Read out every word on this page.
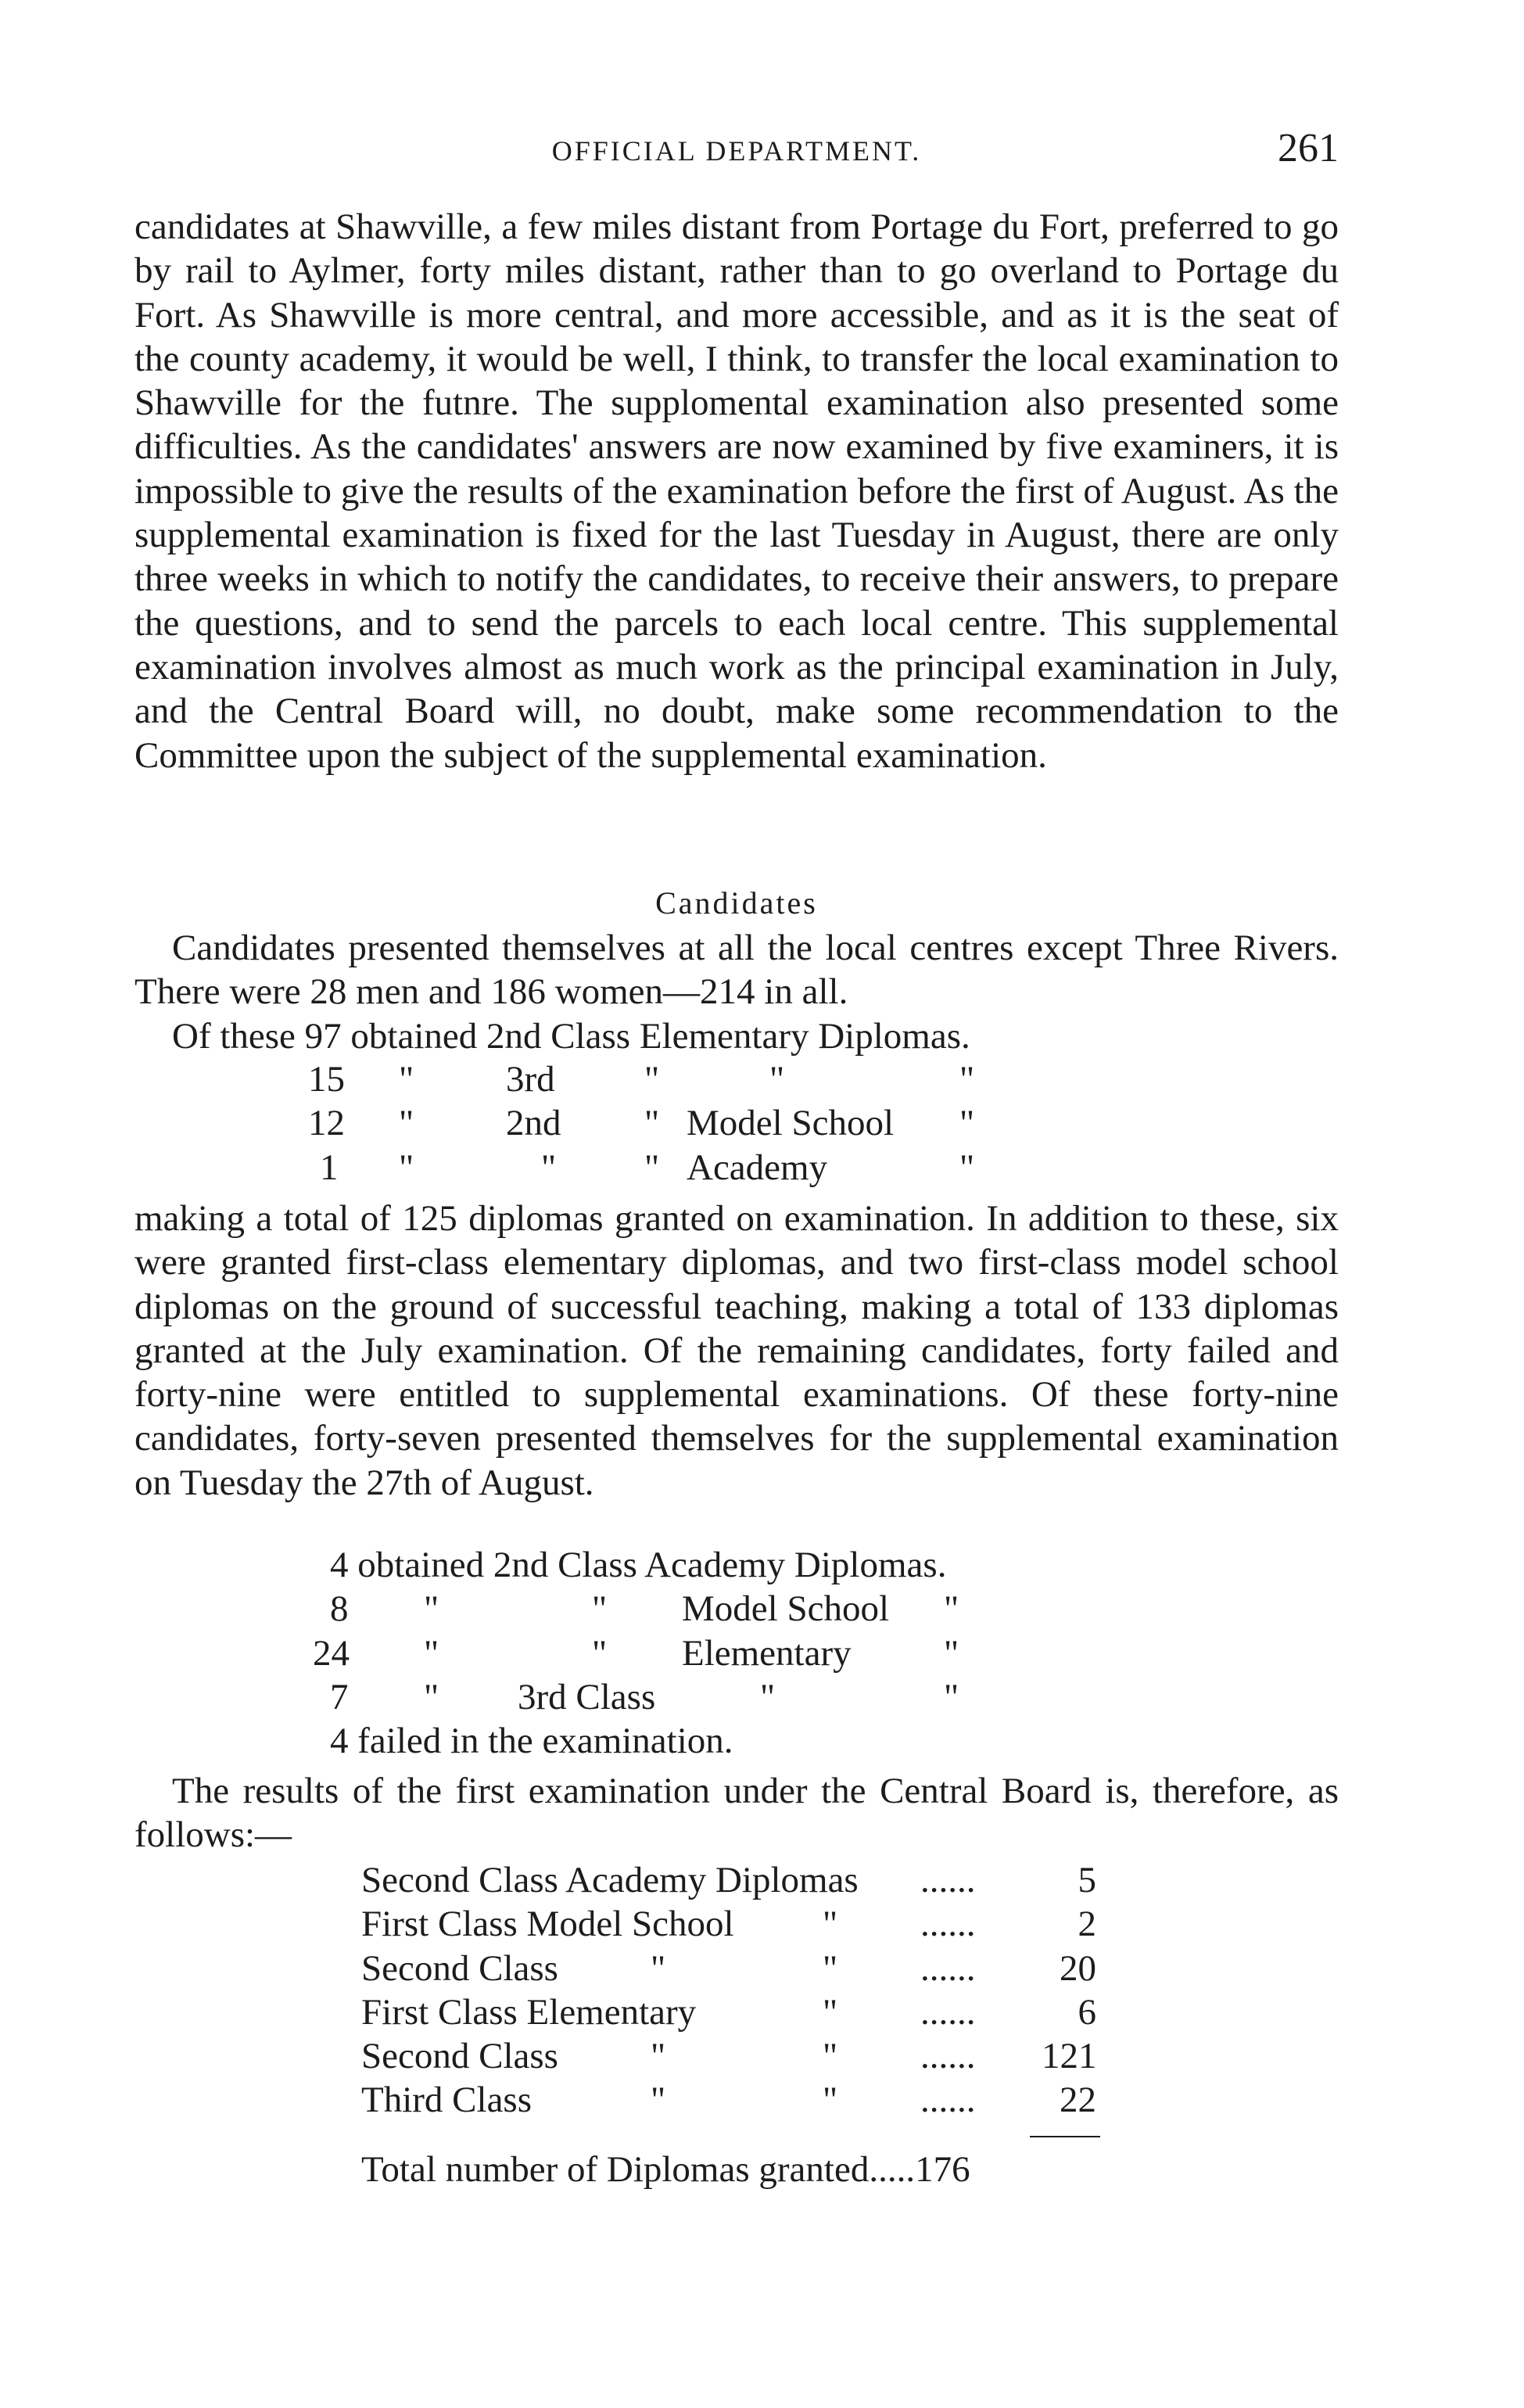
OFFICIAL DEPARTMENT.	261

candidates at Shawville, a few miles distant from Portage du Fort, preferred to go by rail to Aylmer, forty miles distant, rather than to go overland to Portage du Fort. As Shawville is more central, and more accessible, and as it is the seat of the county academy, it would be well, I think, to transfer the local examination to Shawville for the futnre. The supplomental examination also presented some difficulties. As the candidates' answers are now examined by five examiners, it is impossible to give the results of the examination before the first of August. As the supplemental examination is fixed for the last Tuesday in August, there are only three weeks in which to notify the candidates, to receive their answers, to prepare the questions, and to send the parcels to each local centre. This supplemental examination involves almost as much work as the principal examination in July, and the Central Board will, no doubt, make some recommendation to the Committee upon the subject of the supplemental examination.

Candidates

Candidates presented themselves at all the local centres except Three Rivers. There were 28 men and 186 women—214 in all.

Of these 97 obtained 2nd Class Elementary Diplomas.

15 "	3rd "	"	"
12 "	2nd " Model School "
1 "	" " Academy	"

making a total of 125 diplomas granted on examination. In addition to these, six were granted first-class elementary diplomas, and two first-class model school diplomas on the ground of successful teaching, making a total of 133 diplomas granted at the July examination. Of the remaining candidates, forty failed and forty-nine were entitled to supplemental examinations. Of these forty-nine candidates, forty-seven presented themselves for the supplemental examination on Tuesday the 27th of August.

4 obtained 2nd Class Academy Diplomas.
8 "	" Model School "
24 "	" Elementary	"
7 " 3rd Class	"	"
4 failed in the examination.

The results of the first examination under the Central Board is, therefore, as follows:—

Second Class Academy Diplomas ......	5
First Class Model School " ......	2
Second Class	"	" ......	20
First Class Elementary	" ......	6
Second Class	"	" ...... 121
Third Class	"	" ......	22
Total number of Diplomas granted.....176
